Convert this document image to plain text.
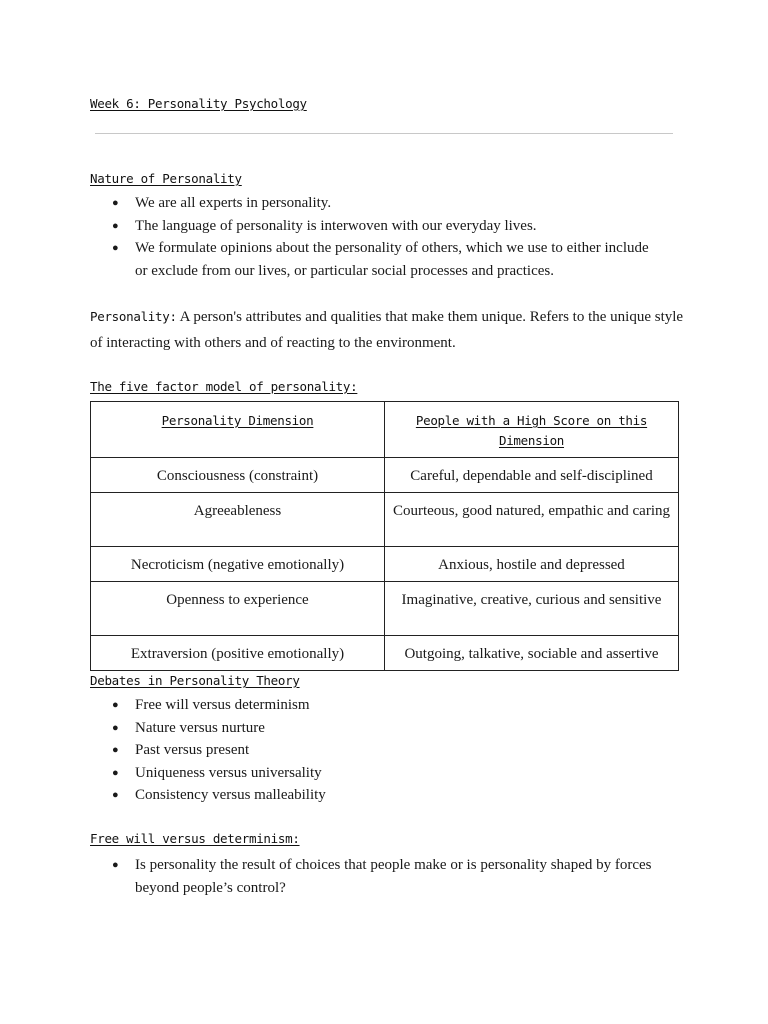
Week 6: Personality Psychology
Nature of Personality
● We are all experts in personality.
● The language of personality is interwoven with our everyday lives.
● We formulate opinions about the personality of others, which we use to either include or exclude from our lives, or particular social processes and practices.
Personality: A person's attributes and qualities that make them unique. Refers to the unique style of interacting with others and of reacting to the environment.
The five factor model of personality:
Personality Dimension	People with a High Score on this Dimension
Consciousness (constraint)	Careful, dependable and self-disciplined
Agreeableness	Courteous, good natured, empathic and caring
Necroticism (negative emotionally)	Anxious, hostile and depressed
Openness to experience	Imaginative, creative, curious and sensitive
Extraversion (positive emotionally)	Outgoing, talkative, sociable and assertive
Debates in Personality Theory
● Free will versus determinism
● Nature versus nurture
● Past versus present
● Uniqueness versus universality
● Consistency versus malleability
Free will versus determinism:
● Is personality the result of choices that people make or is personality shaped by forces beyond people’s control?
